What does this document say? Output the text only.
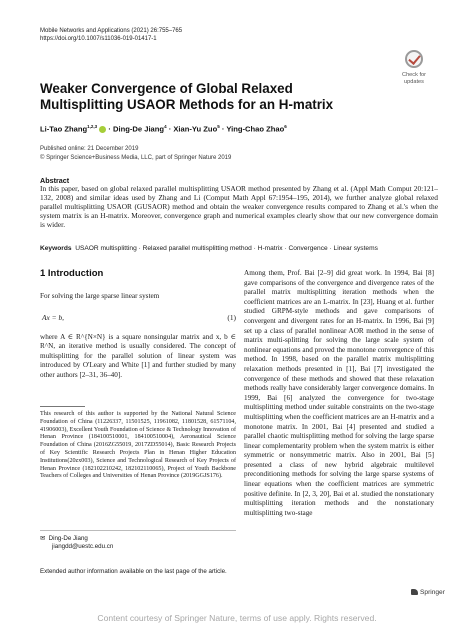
Mobile Networks and Applications (2021) 26:755–765
https://doi.org/10.1007/s11036-019-01417-1
Check for
updates
Weaker Convergence of Global Relaxed Multisplitting USAOR Methods for an H-matrix
Li-Tao Zhang$^{1,2,3}$  · Ding-De Jiang$^4$ · Xian-Yu Zuo$^5$ · Ying-Chao Zhao$^6$
Published online: 21 December 2019
© Springer Science+Business Media, LLC, part of Springer Nature 2019
Abstract
In this paper, based on global relaxed parallel multisplitting USAOR method presented by Zhang et al. (Appl Math Comput 20:121–132, 2008) and similar ideas used by Zhang and Li (Comput Math Appl 67:1954–195, 2014), we further analyze global relaxed parallel multisplitting USAOR (GUSAOR) method and obtain the weaker convergence results compared to Zhang et al.'s when the system matrix is an H-matrix. Moreover, convergence graph and numerical examples clearly show that our new convergence domain is wider.
Keywords USAOR multisplitting · Relaxed parallel multisplitting method · H-matrix · Convergence · Linear systems
1 Introduction
For solving the large sparse linear system
Ax = b,	(1)
where A ∈ R^{N×N} is a square nonsingular matrix and x, b ∈ R^N, an iterative method is usually considered. The concept of multisplitting for the parallel solution of linear system was introduced by O'Leary and White [1] and further studied by many other authors [2–31, 36–40].
This research of this author is supported by the National Natural Science Foundation of China (11226337, 11501525, 11961082, 11801528, 61571104, 41906003), Excellent Youth Foundation of Science & Technology Innovation of Henan Province (184100510001, 184100510004), Aeronautical Science Foundation of China (2016ZG55019, 2017ZD55014), Basic Research Projects of Key Scientific Research Projects Plan in Henan Higher Education Institutions(20zx003), Science and Technological Research of Key Projects of Henan Province (182102210242, 182102110065), Project of Youth Backbone Teachers of Colleges and Universities of Henan Province (2019GGJS176).
✉ Ding-De Jiang
jiangdd@uestc.edu.cn
Extended author information available on the last page of the article.
Among them, Prof. Bai [2–9] did great work. In 1994, Bai [8] gave comparisons of the convergence and divergence rates of the parallel matrix multisplitting iteration methods when the coefficient matrices are an L-matrix. In [23], Huang et al. further studied GRPM-style methods and gave comparisons of convergent and divergent rates for an H-matrix. In 1996, Bai [9] set up a class of parallel nonlinear AOR method in the sense of matrix multi-splitting for solving the large scale system of nonlinear equations and proved the monotone convergence of this method. In 1998, based on the parallel matrix multisplitting relaxation methods presented in [1], Bai [7] investigated the convergence of these methods and showed that these relaxation methods really have considerably larger convergence domains. In 1999, Bai [6] analyzed the convergence for two-stage multisplitting method under suitable constraints on the two-stage multisplitting when the coefficient matrices are an H-matrix and a monotone matrix. In 2001, Bai [4] presented and studied a parallel chaotic multisplitting method for solving the large sparse linear complementarity problem when the system matrix is either symmetric or nonsymmetric matrix. Also in 2001, Bai [5] presented a class of new hybrid algebraic multilevel preconditioning methods for solving the large sparse systems of linear equations when the coefficient matrices are symmetric positive definite. In [2, 3, 20], Bai et al. studied the nonstationary multisplitting iteration methods and the nonstationary multisplitting two-stage
Springer
Content courtesy of Springer Nature, terms of use apply. Rights reserved.
